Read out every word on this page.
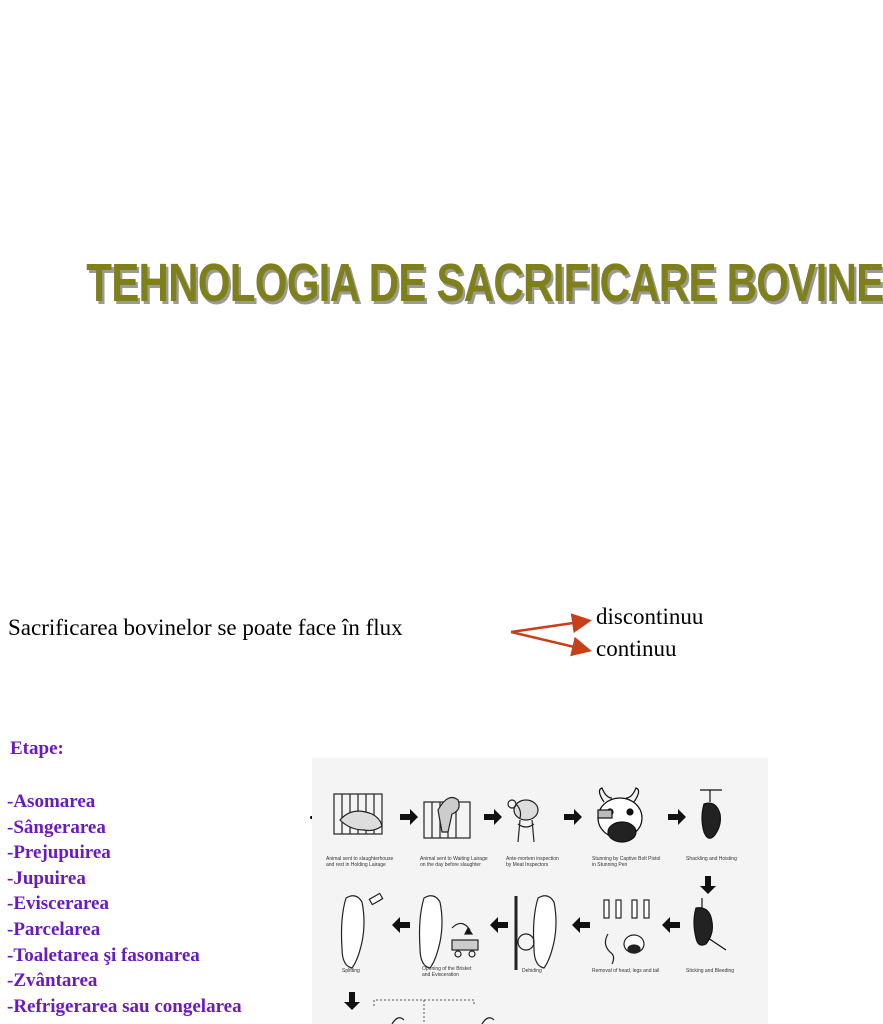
TEHNOLOGIA DE SACRIFICARE BOVINE
Sacrificarea bovinelor se poate face în flux	discontinuu
continuu
Etape:
-Asomarea
-Sângerarea
-Prejupuirea
-Jupuirea
-Eviscerarea
-Parcelarea
-Toaletarea şi fasonarea
-Zvântarea
-Refrigerarea sau congelarea
Animal sent to slaughterhouse
and rest in Holding Lairage
Animal sent to Waiting Lairage
on the day before slaughter
Ante-mortem inspection
by Meat Inspectors
Stunning by Captive Bolt Pistol
in Stunning Pen
Shackling and Hoisting
Splitting	Opening of the Brisket
and Evisceration
Dehiding	Removal of head, legs and tail	Sticking and Bleeding
